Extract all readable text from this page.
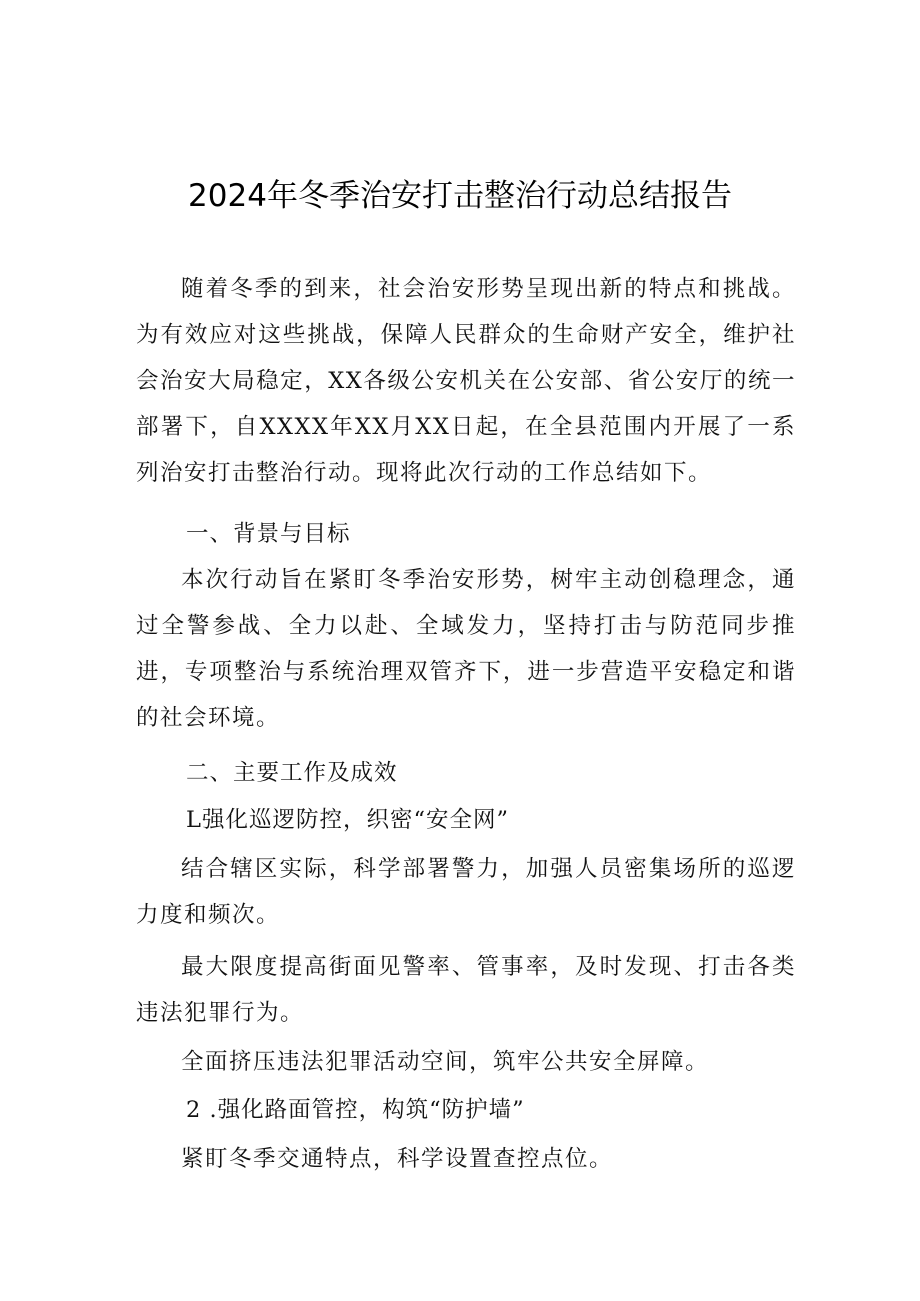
2024年冬季治安打击整治行动总结报告
随着冬季的到来，社会治安形势呈现出新的特点和挑战。为有效应对这些挑战，保障人民群众的生命财产安全，维护社会治安大局稳定，XX各级公安机关在公安部、省公安厅的统一部署下，自XXXX年XX月XX日起，在全县范围内开展了一系列治安打击整治行动。现将此次行动的工作总结如下。
一、背景与目标
本次行动旨在紧盯冬季治安形势，树牢主动创稳理念，通过全警参战、全力以赴、全域发力，坚持打击与防范同步推进，专项整治与系统治理双管齐下，进一步营造平安稳定和谐的社会环境。
二、主要工作及成效
L强化巡逻防控，织密“安全网”
结合辖区实际，科学部署警力，加强人员密集场所的巡逻力度和频次。
最大限度提高街面见警率、管事率，及时发现、打击各类违法犯罪行为。
全面挤压违法犯罪活动空间，筑牢公共安全屏障。
2 .强化路面管控，构筑“防护墙”
紧盯冬季交通特点，科学设置查控点位。
